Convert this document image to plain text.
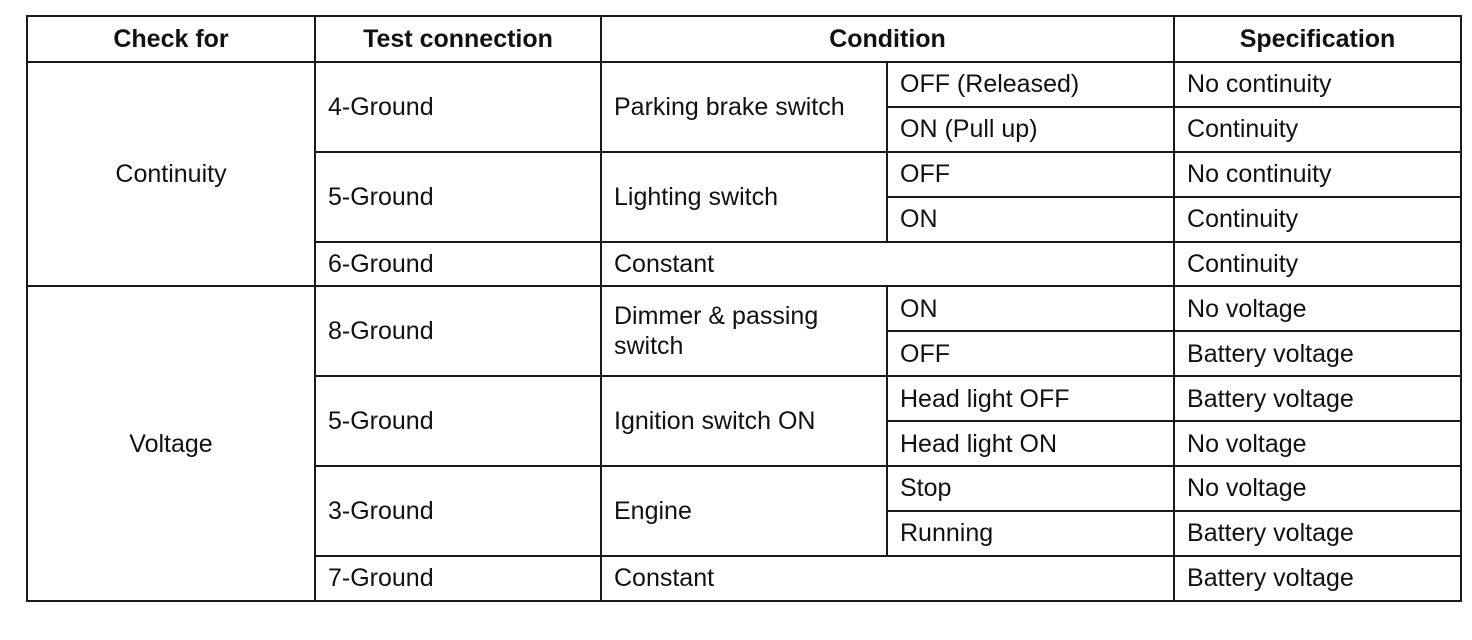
Check for	Test connection	Condition		Specification
Continuity	4-Ground	Parking brake switch	OFF (Released)	No continuity
			ON (Pull up)	Continuity
	5-Ground	Lighting switch	OFF	No continuity
			ON	Continuity
	6-Ground	Constant		Continuity
Voltage	8-Ground	Dimmer & passing switch	ON	No voltage
			OFF	Battery voltage
	5-Ground	Ignition switch ON	Head light OFF	Battery voltage
			Head light ON	No voltage
	3-Ground	Engine	Stop	No voltage
			Running	Battery voltage
	7-Ground	Constant		Battery voltage
